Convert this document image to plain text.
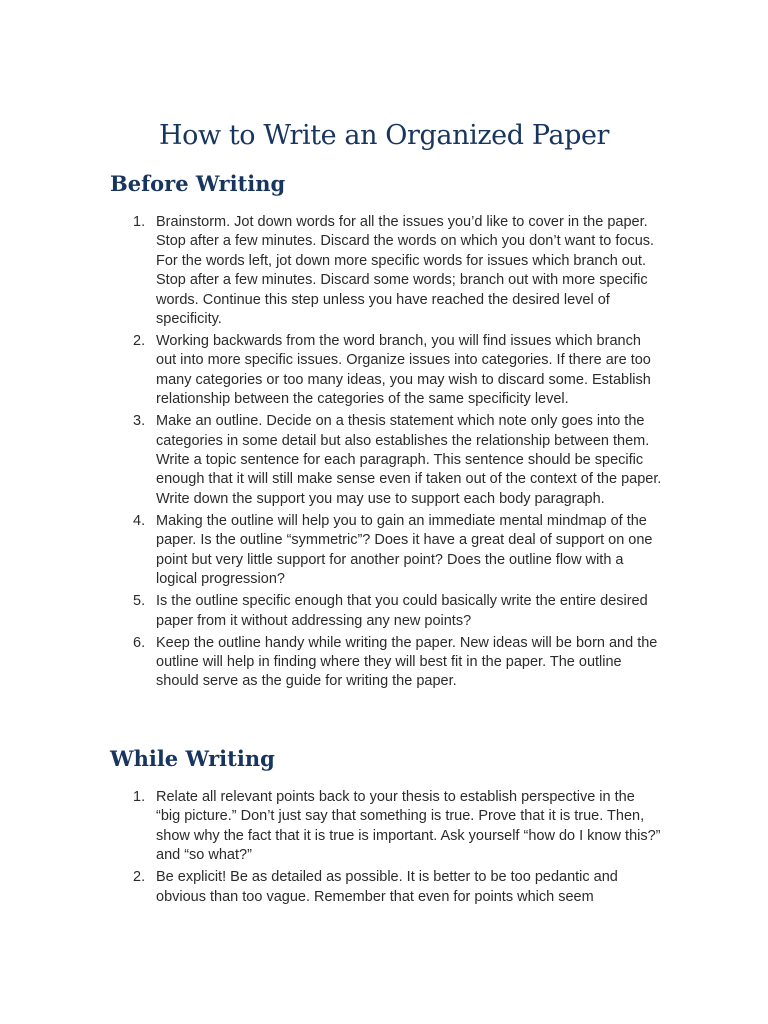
How to Write an Organized Paper
Before Writing
1. Brainstorm. Jot down words for all the issues you’d like to cover in the paper. Stop after a few minutes. Discard the words on which you don’t want to focus. For the words left, jot down more specific words for issues which branch out. Stop after a few minutes. Discard some words; branch out with more specific words. Continue this step unless you have reached the desired level of specificity.
2. Working backwards from the word branch, you will find issues which branch out into more specific issues. Organize issues into categories. If there are too many categories or too many ideas, you may wish to discard some. Establish relationship between the categories of the same specificity level.
3. Make an outline. Decide on a thesis statement which note only goes into the categories in some detail but also establishes the relationship between them. Write a topic sentence for each paragraph. This sentence should be specific enough that it will still make sense even if taken out of the context of the paper. Write down the support you may use to support each body paragraph.
4. Making the outline will help you to gain an immediate mental mindmap of the paper. Is the outline “symmetric”? Does it have a great deal of support on one point but very little support for another point? Does the outline flow with a logical progression?
5. Is the outline specific enough that you could basically write the entire desired paper from it without addressing any new points?
6. Keep the outline handy while writing the paper. New ideas will be born and the outline will help in finding where they will best fit in the paper. The outline should serve as the guide for writing the paper.
While Writing
1. Relate all relevant points back to your thesis to establish perspective in the “big picture.” Don’t just say that something is true. Prove that it is true. Then, show why the fact that it is true is important. Ask yourself “how do I know this?” and “so what?”
2. Be explicit! Be as detailed as possible. It is better to be too pedantic and obvious than too vague. Remember that even for points which seem
